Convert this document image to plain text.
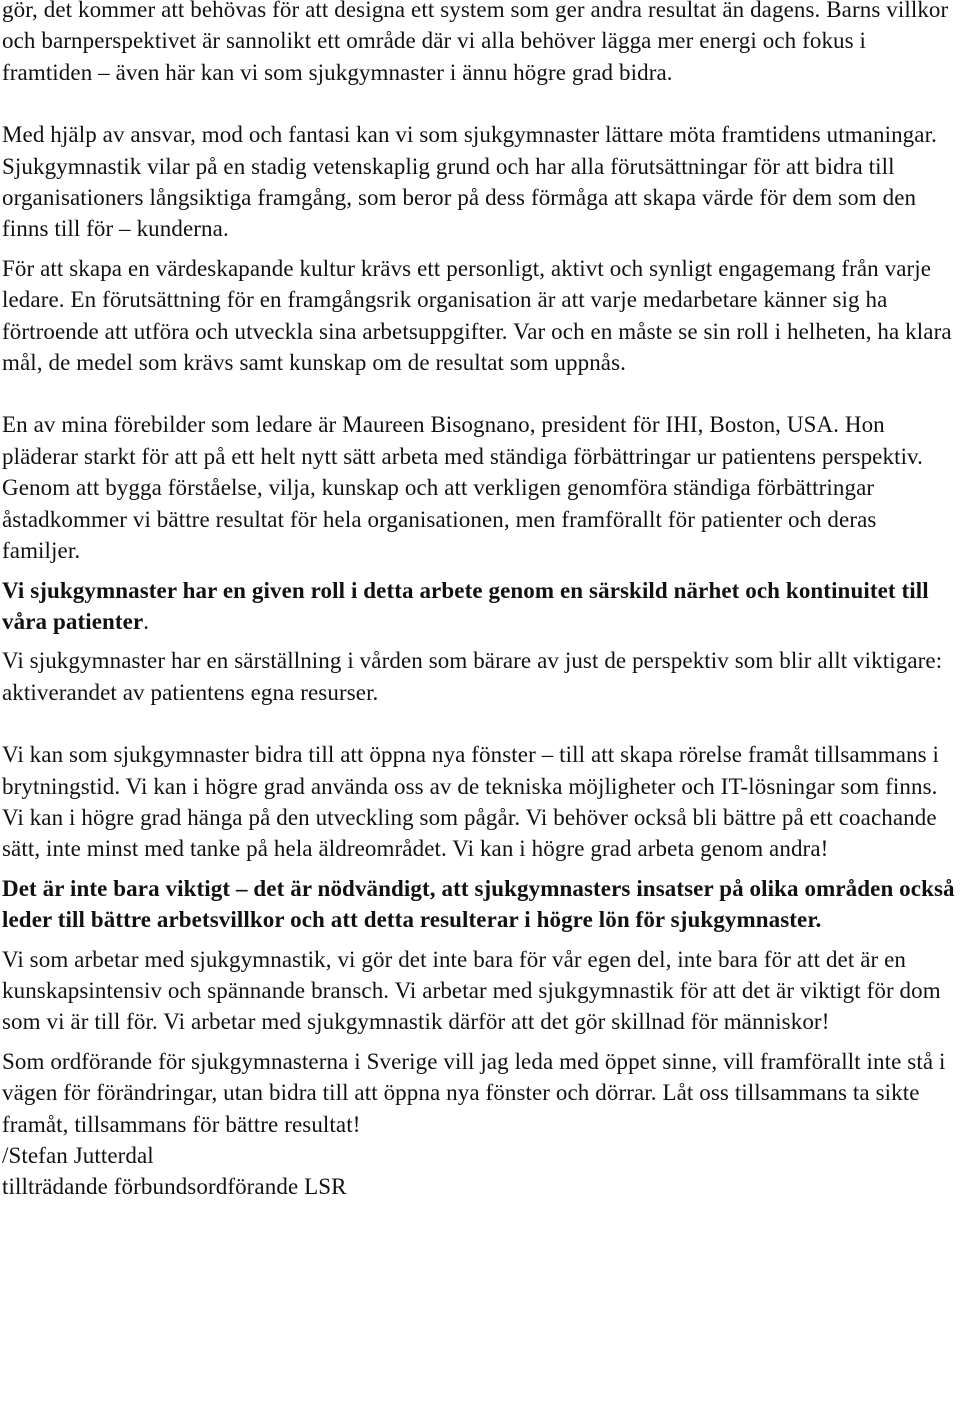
gör, det kommer att behövas för att designa ett system som ger andra resultat än dagens. Barns villkor och barnperspektivet är sannolikt ett område där vi alla behöver lägga mer energi och fokus i framtiden – även här kan vi som sjukgymnaster i ännu högre grad bidra.

Med hjälp av ansvar, mod och fantasi kan vi som sjukgymnaster lättare möta framtidens utmaningar. Sjukgymnastik vilar på en stadig vetenskaplig grund och har alla förutsättningar för att bidra till organisationers långsiktiga framgång, som beror på dess förmåga att skapa värde för dem som den finns till för – kunderna.

För att skapa en värdeskapande kultur krävs ett personligt, aktivt och synligt engagemang från varje ledare. En förutsättning för en framgångsrik organisation är att varje medarbetare känner sig ha förtroende att utföra och utveckla sina arbetsuppgifter. Var och en måste se sin roll i helheten, ha klara mål, de medel som krävs samt kunskap om de resultat som uppnås.

En av mina förebilder som ledare är Maureen Bisognano, president för IHI, Boston, USA. Hon pläderar starkt för att på ett helt nytt sätt arbeta med ständiga förbättringar ur patientens perspektiv. Genom att bygga förståelse, vilja, kunskap och att verkligen genomföra ständiga förbättringar åstadkommer vi bättre resultat för hela organisationen, men framförallt för patienter och deras familjer.

Vi sjukgymnaster har en given roll i detta arbete genom en särskild närhet och kontinuitet till våra patienter.

Vi sjukgymnaster har en särställning i vården som bärare av just de perspektiv som blir allt viktigare: aktiverandet av patientens egna resurser.

Vi kan som sjukgymnaster bidra till att öppna nya fönster – till att skapa rörelse framåt tillsammans i brytningstid. Vi kan i högre grad använda oss av de tekniska möjligheter och IT-lösningar som finns. Vi kan i högre grad hänga på den utveckling som pågår. Vi behöver också bli bättre på ett coachande sätt, inte minst med tanke på hela äldreområdet. Vi kan i högre grad arbeta genom andra!

Det är inte bara viktigt – det är nödvändigt, att sjukgymnasters insatser på olika områden också leder till bättre arbetsvillkor och att detta resulterar i högre lön för sjukgymnaster.

Vi som arbetar med sjukgymnastik, vi gör det inte bara för vår egen del, inte bara för att det är en kunskapsintensiv och spännande bransch. Vi arbetar med sjukgymnastik för att det är viktigt för dom som vi är till för. Vi arbetar med sjukgymnastik därför att det gör skillnad för människor!

Som ordförande för sjukgymnasterna i Sverige vill jag leda med öppet sinne, vill framförallt inte stå i vägen för förändringar, utan bidra till att öppna nya fönster och dörrar. Låt oss tillsammans ta sikte framåt, tillsammans för bättre resultat!

/Stefan Jutterdal

tillträdande förbundsordförande LSR
